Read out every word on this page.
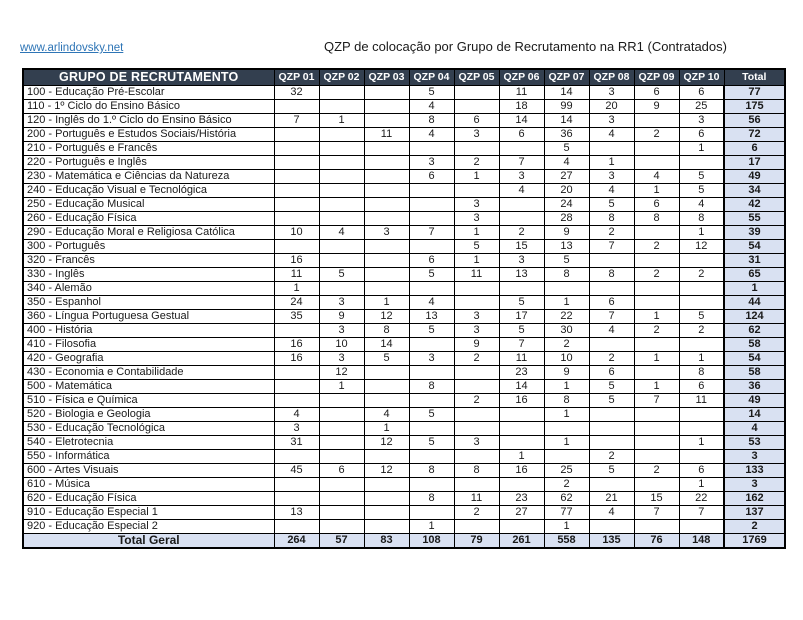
www.arlindovsky.net	QZP de colocação por Grupo de Recrutamento na RR1 (Contratados)
GRUPO DE RECRUTAMENTO	QZP 01	QZP 02	QZP 03	QZP 04	QZP 05	QZP 06	QZP 07	QZP 08	QZP 09	QZP 10	Total
100 - Educação Pré-Escolar	32			5		11	14	3	6	6	77
110 - 1º Ciclo do Ensino Básico				4		18	99	20	9	25	175
120 - Inglês do 1.º Ciclo do Ensino Básico	7	1		8	6	14	14	3		3	56
200 - Português e Estudos Sociais/História			11	4	3	6	36	4	2	6	72
210 - Português e Francês							5			1	6
220 - Português e Inglês				3	2	7	4	1			17
230 - Matemática e Ciências da Natureza				6	1	3	27	3	4	5	49
240 - Educação Visual e Tecnológica						4	20	4	1	5	34
250 - Educação Musical					3		24	5	6	4	42
260 - Educação Física					3		28	8	8	8	55
290 - Educação Moral e Religiosa Católica	10	4	3	7	1	2	9	2		1	39
300 - Português					5	15	13	7	2	12	54
320 - Francês	16			6	1	3	5				31
330 - Inglês	11	5		5	11	13	8	8	2	2	65
340 - Alemão	1										1
350 - Espanhol	24	3	1	4		5	1	6			44
360 - Língua Portuguesa Gestual	35	9	12	13	3	17	22	7	1	5	124
400 - História		3	8	5	3	5	30	4	2	2	62
410 - Filosofia	16	10	14		9	7	2				58
420 - Geografia	16	3	5	3	2	11	10	2	1	1	54
430 - Economia e Contabilidade		12				23	9	6		8	58
500 - Matemática		1		8		14	1	5	1	6	36
510 - Física e Química					2	16	8	5	7	11	49
520 - Biologia e Geologia	4		4	5			1				14
530 - Educação Tecnológica	3		1								4
540 - Eletrotecnia	31		12	5	3		1			1	53
550 - Informática						1		2			3
600 - Artes Visuais	45	6	12	8	8	16	25	5	2	6	133
610 - Música							2			1	3
620 - Educação Física				8	11	23	62	21	15	22	162
910 - Educação Especial 1	13				2	27	77	4	7	7	137
920 - Educação Especial 2				1			1				2
Total Geral	264	57	83	108	79	261	558	135	76	148	1769
